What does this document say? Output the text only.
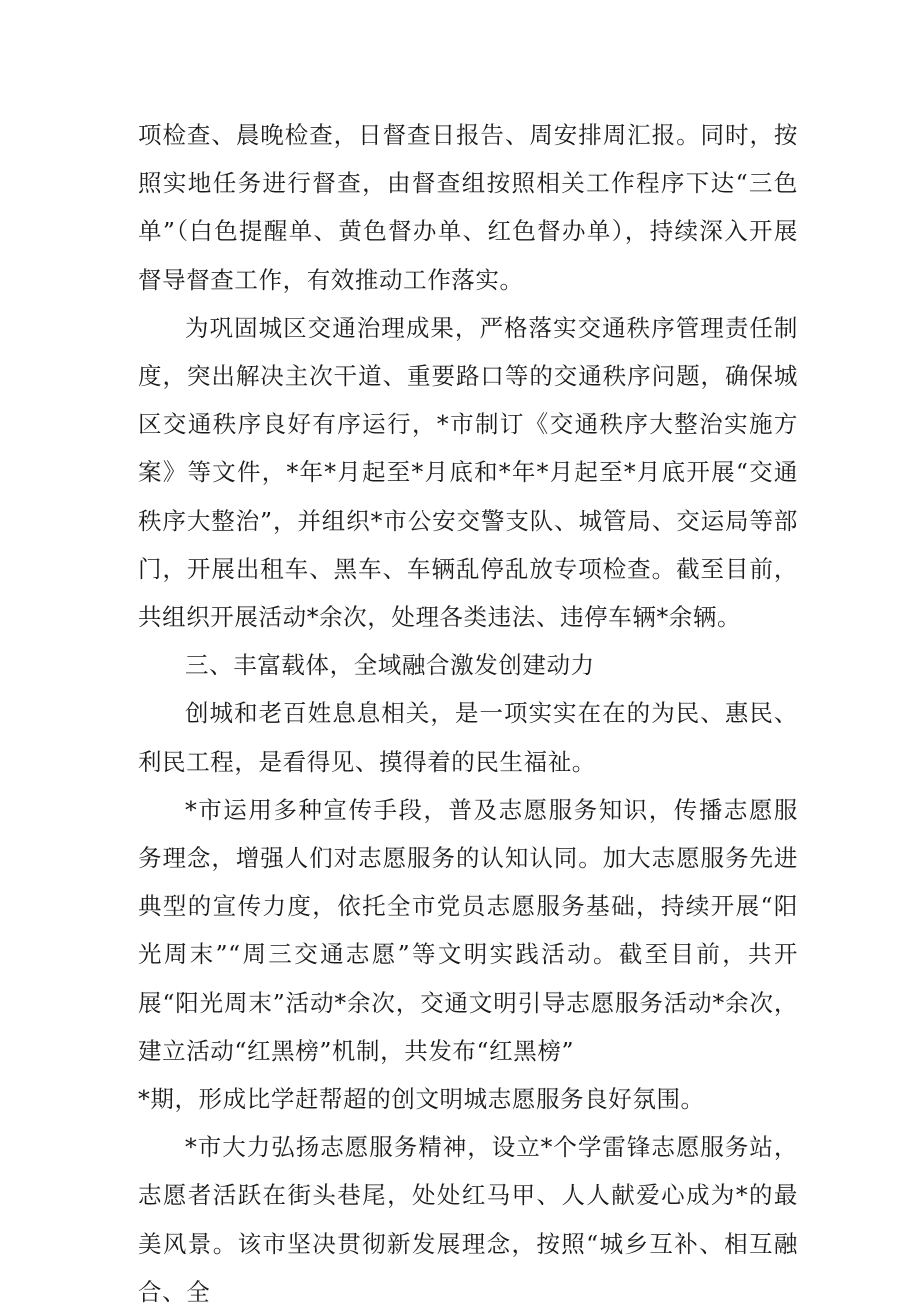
项检查、晨晚检查，日督查日报告、周安排周汇报。同时，按照实地任务进行督查，由督查组按照相关工作程序下达“三色单”（白色提醒单、黄色督办单、红色督办单），持续深入开展督导督查工作，有效推动工作落实。

为巩固城区交通治理成果，严格落实交通秩序管理责任制度，突出解决主次干道、重要路口等的交通秩序问题，确保城区交通秩序良好有序运行，*市制订《交通秩序大整治实施方案》等文件，*年*月起至*月底和*年*月起至*月底开展“交通秩序大整治”，并组织*市公安交警支队、城管局、交运局等部门，开展出租车、黑车、车辆乱停乱放专项检查。截至目前，共组织开展活动*余次，处理各类违法、违停车辆*余辆。

三、丰富载体，全域融合激发创建动力

创城和老百姓息息相关，是一项实实在在的为民、惠民、利民工程，是看得见、摸得着的民生福祉。

*市运用多种宣传手段，普及志愿服务知识，传播志愿服务理念，增强人们对志愿服务的认知认同。加大志愿服务先进典型的宣传力度，依托全市党员志愿服务基础，持续开展“阳光周末”“周三交通志愿”等文明实践活动。截至目前，共开展“阳光周末”活动*余次，交通文明引导志愿服务活动*余次，建立活动“红黑榜”机制，共发布“红黑榜”

*期，形成比学赶帮超的创文明城志愿服务良好氛围。

*市大力弘扬志愿服务精神，设立*个学雷锋志愿服务站，志愿者活跃在街头巷尾，处处红马甲、人人献爱心成为*的最美风景。该市坚决贯彻新发展理念，按照“城乡互补、相互融合、全
